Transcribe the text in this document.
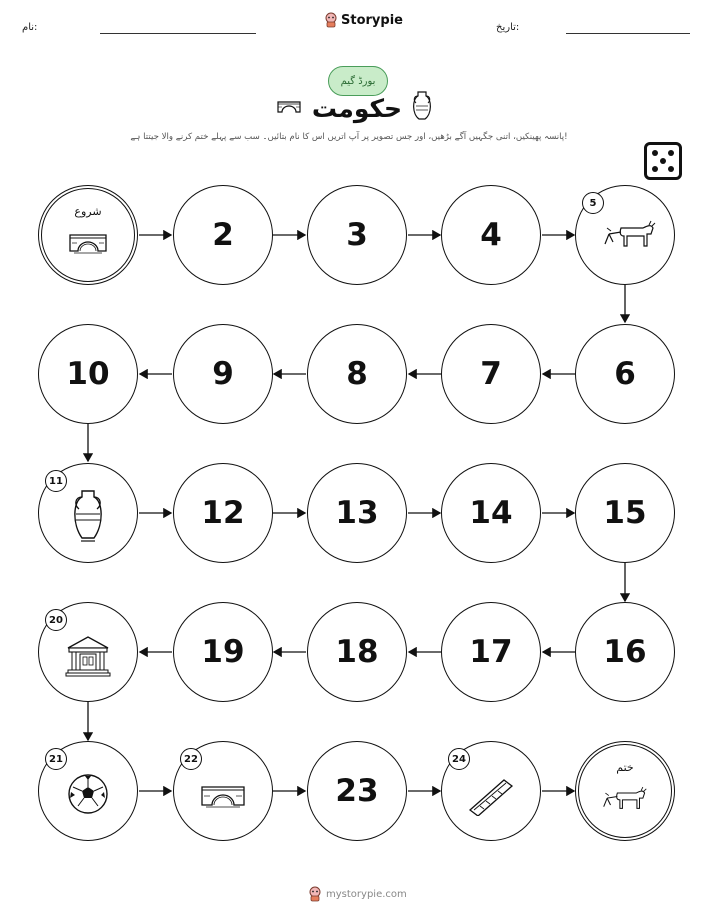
نام:	Storypie	تاریخ:
بورڈ گیم
حکومت
پانسہ پھینکیں، اتنی جگہیں آگے بڑھیں، اور جس تصویر پر آپ اتریں اس کا نام بتائیں۔ سب سے پہلے ختم کرنے والا جیتتا ہے!
شروع
2	3	4
5
10	9	8	7	6
11
12	13	14	15
20
19	18	17	16
21	22
23
24
ختم
mystorypie.com
